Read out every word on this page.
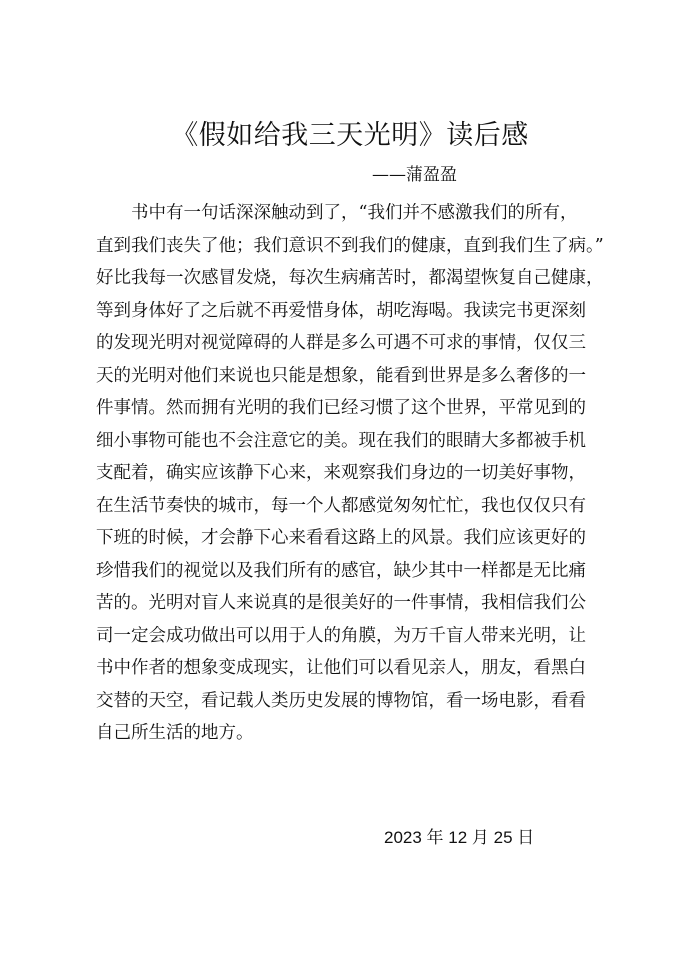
《假如给我三天光明》读后感
——蒲盈盈
书中有一句话深深触动到了，“我们并不感激我们的所有，
直到我们丧失了他；我们意识不到我们的健康，直到我们生了病。”
好比我每一次感冒发烧，每次生病痛苦时，都渴望恢复自己健康，
等到身体好了之后就不再爱惜身体，胡吃海喝。我读完书更深刻
的发现光明对视觉障碍的人群是多么可遇不可求的事情，仅仅三
天的光明对他们来说也只能是想象，能看到世界是多么奢侈的一
件事情。然而拥有光明的我们已经习惯了这个世界，平常见到的
细小事物可能也不会注意它的美。现在我们的眼睛大多都被手机
支配着，确实应该静下心来，来观察我们身边的一切美好事物，
在生活节奏快的城市，每一个人都感觉匆匆忙忙，我也仅仅只有
下班的时候，才会静下心来看看这路上的风景。我们应该更好的
珍惜我们的视觉以及我们所有的感官，缺少其中一样都是无比痛
苦的。光明对盲人来说真的是很美好的一件事情，我相信我们公
司一定会成功做出可以用于人的角膜，为万千盲人带来光明，让
书中作者的想象变成现实，让他们可以看见亲人，朋友，看黑白
交替的天空，看记载人类历史发展的博物馆，看一场电影，看看
自己所生活的地方。
2023 年 12 月 25 日
